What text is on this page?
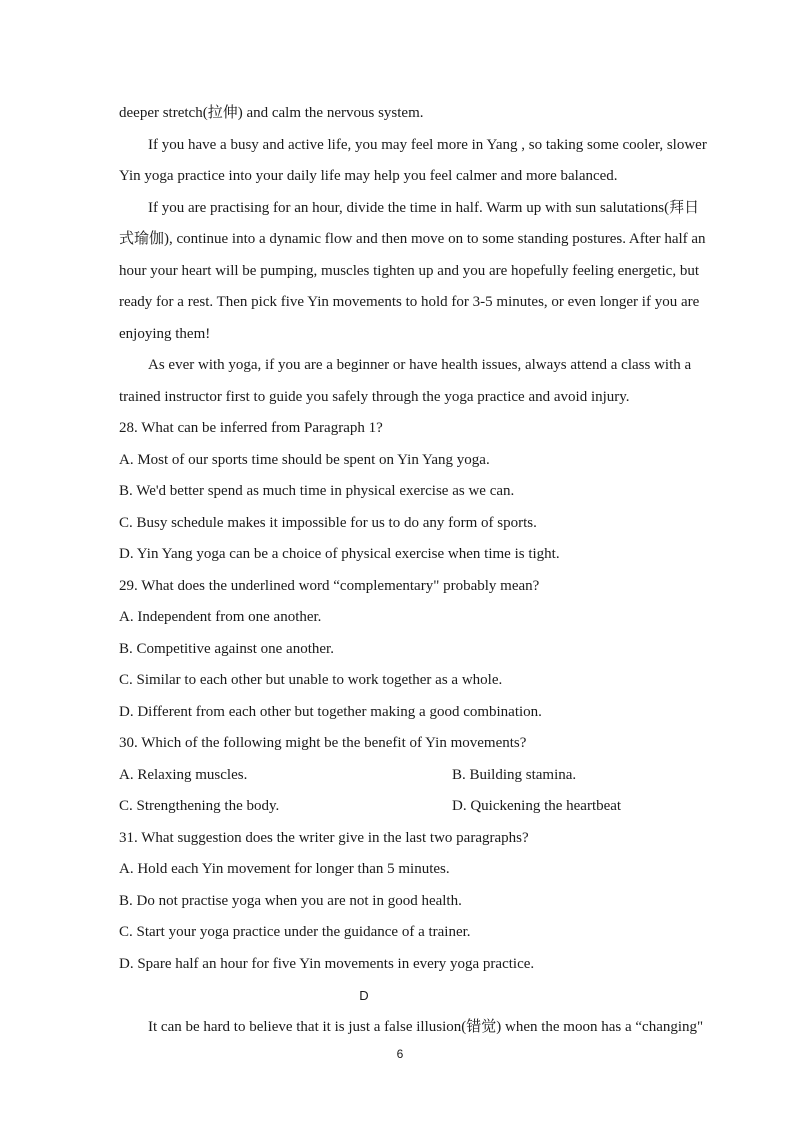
deeper stretch(拉伸) and calm the nervous system.
If you have a busy and active life, you may feel more in Yang , so taking some cooler, slower
Yin yoga practice into your daily life may help you feel calmer and more balanced.
If you are practising for an hour, divide the time in half. Warm up with sun salutations(拜日
式瑜伽), continue into a dynamic flow and then move on to some standing postures. After half an
hour your heart will be pumping, muscles tighten up and you are hopefully feeling energetic, but
ready for a rest. Then pick five Yin movements to hold for 3-5 minutes, or even longer if you are
enjoying them!
As ever with yoga, if you are a beginner or have health issues, always attend a class with a
trained instructor first to guide you safely through the yoga practice and avoid injury.
28. What can be inferred from Paragraph 1?
A. Most of our sports time should be spent on Yin Yang yoga.
B. We'd better spend as much time in physical exercise as we can.
C. Busy schedule makes it impossible for us to do any form of sports.
D. Yin Yang yoga can be a choice of physical exercise when time is tight.
29. What does the underlined word “complementary" probably mean?
A. Independent from one another.
B. Competitive against one another.
C. Similar to each other but unable to work together as a whole.
D. Different from each other but together making a good combination.
30. Which of the following might be the benefit of Yin movements?
A. Relaxing muscles.	B. Building stamina.
C. Strengthening the body.	D. Quickening the heartbeat
31. What suggestion does the writer give in the last two paragraphs?
A. Hold each Yin movement for longer than 5 minutes.
B. Do not practise yoga when you are not in good health.
C. Start your yoga practice under the guidance of a trainer.
D. Spare half an hour for five Yin movements in every yoga practice.
D
It can be hard to believe that it is just a false illusion(错觉) when the moon has a “changing"
6
